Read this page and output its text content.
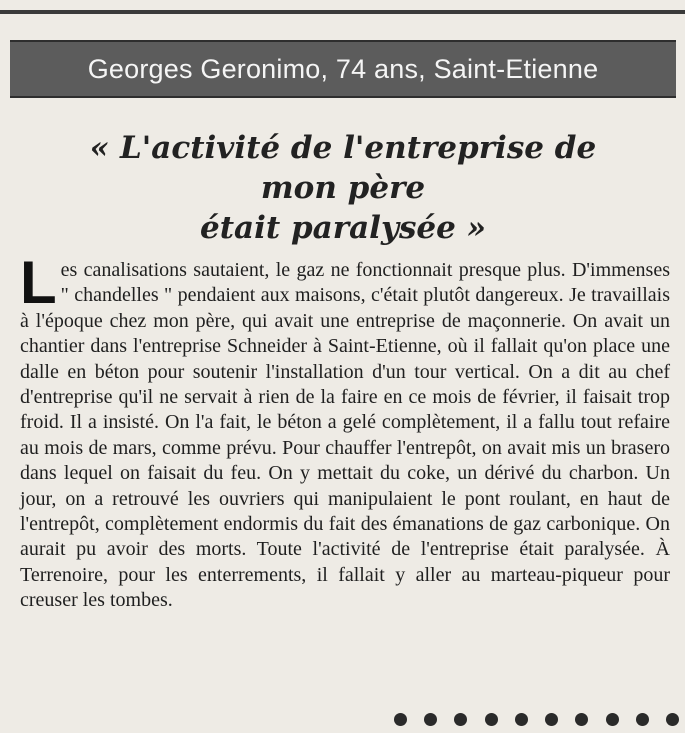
Georges Geronimo, 74 ans, Saint-Etienne
« L'activité de l'entreprise de
mon père
était paralysée »
Les canalisations sautaient, le gaz ne fonctionnait presque plus. D'immenses " chandelles " pendaient aux maisons, c'était plutôt dangereux. Je travaillais à l'époque chez mon père, qui avait une entreprise de maçonnerie. On avait un chantier dans l'entreprise Schneider à Saint-Etienne, où il fallait qu'on place une dalle en béton pour soutenir l'installation d'un tour vertical. On a dit au chef d'entreprise qu'il ne servait à rien de la faire en ce mois de février, il faisait trop froid. Il a insisté. On l'a fait, le béton a gelé complètement, il a fallu tout refaire au mois de mars, comme prévu. Pour chauffer l'entrepôt, on avait mis un brasero dans lequel on faisait du feu. On y mettait du coke, un dérivé du charbon. Un jour, on a retrouvé les ouvriers qui manipulaient le pont roulant, en haut de l'entrepôt, complètement endormis du fait des émanations de gaz carbonique. On aurait pu avoir des morts. Toute l'activité de l'entreprise était paralysée. À Terrenoire, pour les enterrements, il fallait y aller au marteau-piqueur pour creuser les tombes.
